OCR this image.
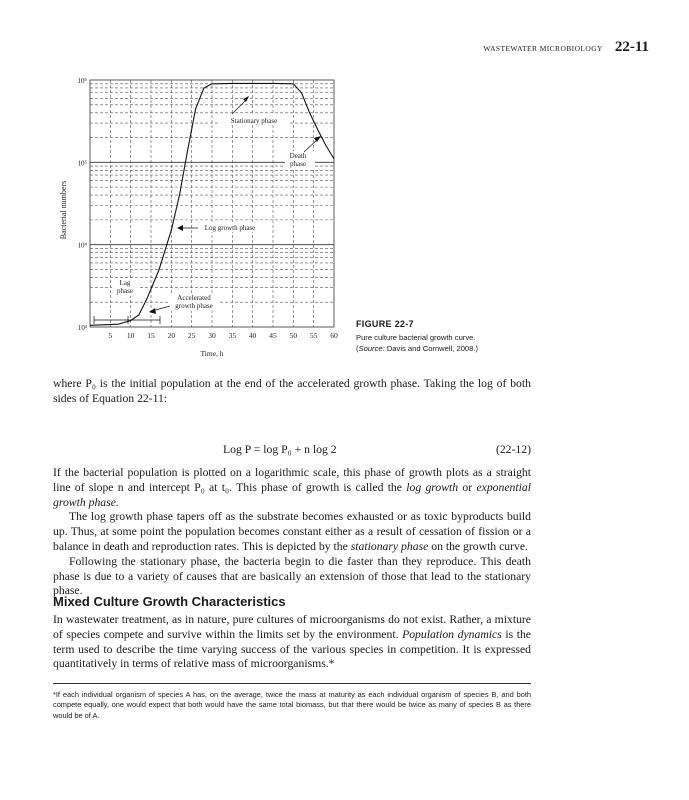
WASTEWATER MICROBIOLOGY 22-11
5 10 15 20 25 30 35 40 45 50 55 60
10³
10⁴
10⁵
10⁶
Time, h
Bacterial numbers
Stationary phase
Death
phase
Log growth phase
Lag
phase
Accelerated
growth phase
FIGURE 22-7
Pure culture bacterial growth curve.
(Source: Davis and Cornwell, 2008.)

where P₀ is the initial population at the end of the accelerated growth phase. Taking the log of both sides of Equation 22-11:

Log P = log P₀ + n log 2	(22-12)

If the bacterial population is plotted on a logarithmic scale, this phase of growth plots as a straight line of slope n and intercept P₀ at t₀. This phase of growth is called the log growth or exponential growth phase.

The log growth phase tapers off as the substrate becomes exhausted or as toxic byproducts build up. Thus, at some point the population becomes constant either as a result of cessation of fission or a balance in death and reproduction rates. This is depicted by the stationary phase on the growth curve.

Following the stationary phase, the bacteria begin to die faster than they reproduce. This death phase is due to a variety of causes that are basically an extension of those that lead to the stationary phase.

Mixed Culture Growth Characteristics

In wastewater treatment, as in nature, pure cultures of microorganisms do not exist. Rather, a mixture of species compete and survive within the limits set by the environment. Population dynamics is the term used to describe the time varying success of the various species in competition. It is expressed quantitatively in terms of relative mass of microorganisms.*

*If each individual organism of species A has, on the average, twice the mass at maturity as each individual organism of species B, and both compete equally, one would expect that both would have the same total biomass, but that there would be twice as many of species B as there would be of A.
